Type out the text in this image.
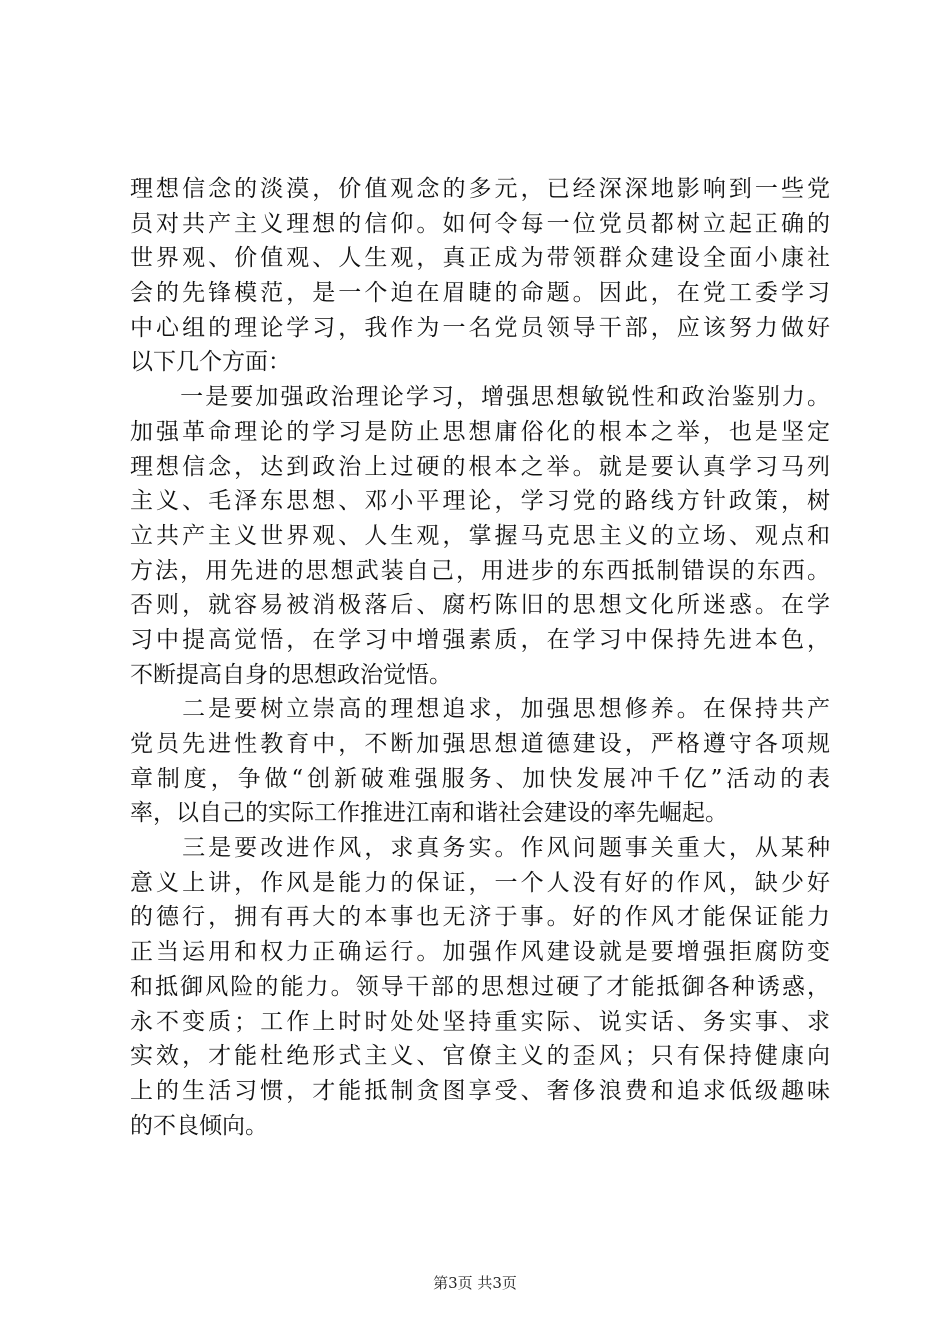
理想信念的淡漠，价值观念的多元，已经深深地影响到一些党
员对共产主义理想的信仰。如何令每一位党员都树立起正确的
世界观、价值观、人生观，真正成为带领群众建设全面小康社
会的先锋模范，是一个迫在眉睫的命题。因此，在党工委学习
中心组的理论学习，我作为一名党员领导干部，应该努力做好
以下几个方面：
　　一是要加强政治理论学习，增强思想敏锐性和政治鉴别力。
加强革命理论的学习是防止思想庸俗化的根本之举，也是坚定
理想信念，达到政治上过硬的根本之举。就是要认真学习马列
主义、毛泽东思想、邓小平理论，学习党的路线方针政策，树
立共产主义世界观、人生观，掌握马克思主义的立场、观点和
方法，用先进的思想武装自己，用进步的东西抵制错误的东西。
否则，就容易被消极落后、腐朽陈旧的思想文化所迷惑。在学
习中提高觉悟，在学习中增强素质，在学习中保持先进本色，
不断提高自身的思想政治觉悟。
　　二是要树立崇高的理想追求，加强思想修养。在保持共产
党员先进性教育中，不断加强思想道德建设，严格遵守各项规
章制度，争做“创新破难强服务、加快发展冲千亿”活动的表
率，以自己的实际工作推进江南和谐社会建设的率先崛起。
　　三是要改进作风，求真务实。作风问题事关重大，从某种
意义上讲，作风是能力的保证，一个人没有好的作风，缺少好
的德行，拥有再大的本事也无济于事。好的作风才能保证能力
正当运用和权力正确运行。加强作风建设就是要增强拒腐防变
和抵御风险的能力。领导干部的思想过硬了才能抵御各种诱惑，
永不变质；工作上时时处处坚持重实际、说实话、务实事、求
实效，才能杜绝形式主义、官僚主义的歪风；只有保持健康向
上的生活习惯，才能抵制贪图享受、奢侈浪费和追求低级趣味
的不良倾向。
第3页 共3页
